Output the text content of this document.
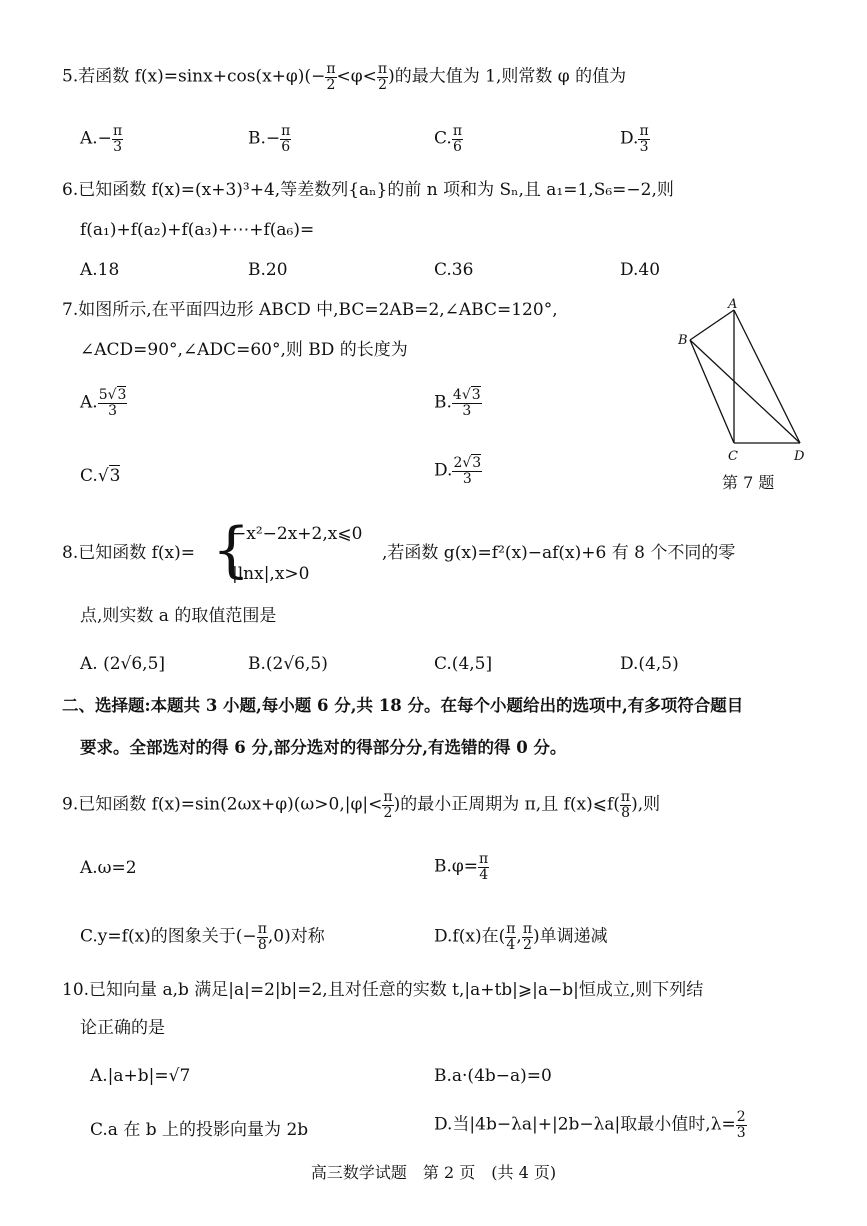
5.若函数 $f(x)=\sin x+\cos(x+\varphi)(- \frac{\pi}{2} <\varphi< \frac{\pi}{2}$ )的最大值为 1,则常数 φ 的值为
$A.- \frac{\pi}{3}$	$B.- \frac{\pi}{6}$	C. $\frac{\pi}{6}$	D. $\frac{\pi}{3}$
6.已知函数 f(x)=(x+3)³+4,等差数列{aₙ}的前 n 项和为 Sₙ,且 a₁=1,S₆=−2,则
f(a₁)+f(a₂)+f(a₃)+⋯+f(a₆)=
A.18	B.20	C.36	D.40
7.如图所示,在平面四边形 ABCD 中,BC=2AB=2,∠ABC=120°,
∠ACD=90°,∠ADC=60°,则 BD 的长度为
A. $\frac{5√3}{3}$	B. $\frac{4√3}{3}$
C.√3	D. $\frac{2√3}{3}$
A
B
C	D
第 7 题
8.已知函数 f(x)= {
−x²−2x+2,x⩽0
|lnx|,x>0
,若函数 g(x)=f²(x)−af(x)+6 有 8 个不同的零
点,则实数 a 的取值范围是
A. (2√6,5]	B.(2√6,5)	C.(4,5]	D.(4,5)
二、选择题:本题共 3 小题,每小题 6 分,共 18 分。在每个小题给出的选项中,有多项符合题目
要求。全部选对的得 6 分,部分选对的得部分分,有选错的得 0 分。
9.已知函数 $f(x)=\sin(2\omega x+\varphi)(\omega>0,|\varphi|< \frac{\pi}{2}$ )的最小正周期为 π,且 f(x)⩽f( $\frac{\pi}{8}$ ),则
A.ω=2	$B.\varphi= \frac{\pi}{4}$
C.y=f(x)的图象关于(− $\frac{\pi}{8} ,0$)对称	D.f(x)在( $\frac{\pi}{4}$ , $\frac{\pi}{2}$ )单调递减
10.已知向量 a,b 满足|a|=2|b|=2,且对任意的实数 t,|a+tb|⩾|a−b|恒成立,则下列结
论正确的是
A.|a+b|=√7	B.a·(4b−a)=0
C.a 在 b 上的投影向量为 2b	D.当|4b−λa|+|2b−λa|取最小值时$,\lambda= \frac{2}{3}$
高三数学试题　第 2 页　(共 4 页)
